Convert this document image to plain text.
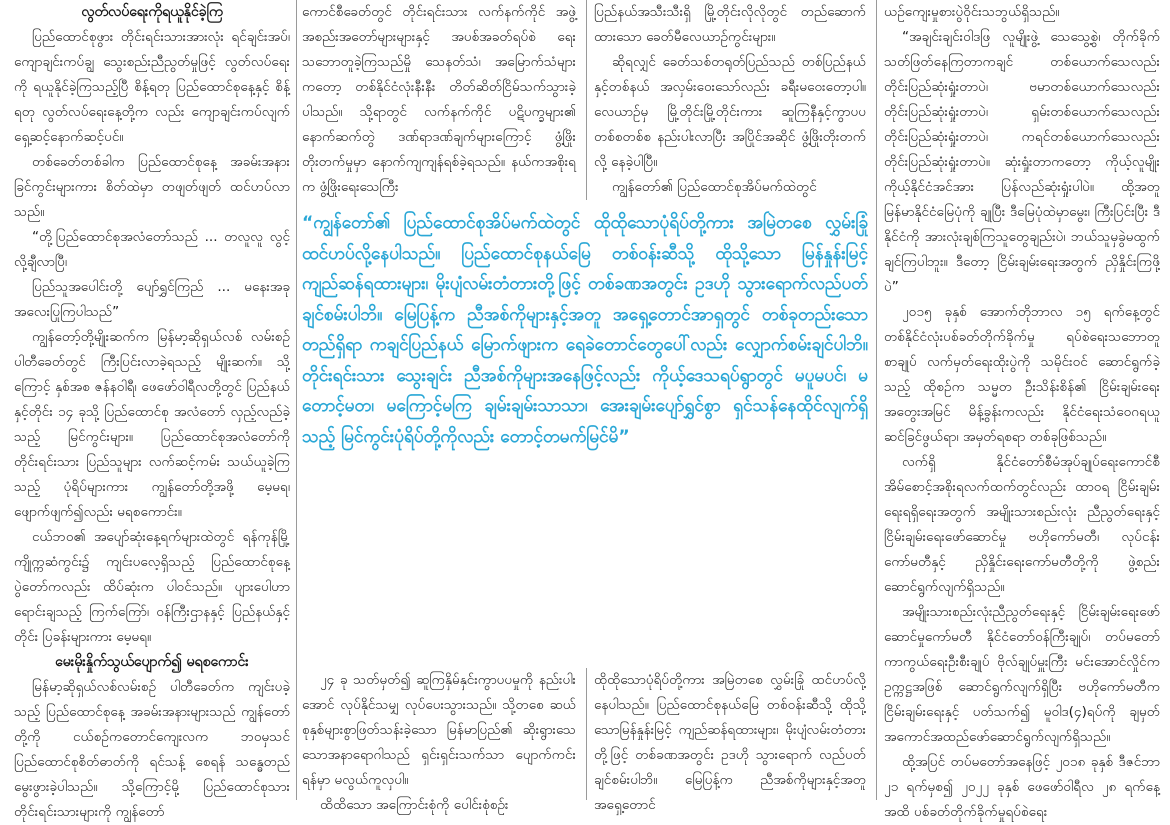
လွတ်လပ်ရေးကိုရယူနိုင်ခဲ့ကြ

ပြည်ထောင်စုဖွား တိုင်းရင်းသားအားလုံး ရင်ချင်းအပ်၊ ကျောချင်းကပ်ချွ သွေးစည်းညီညွတ်မှုဖြင့် လွတ်လပ်ရေးကို ရယူနိုင်ခဲ့ကြသည့်ပြီ စိန့်ရတု ပြည်ထောင်စုနေ့နှင့် စိန့်ရတု လွတ်လပ်ရေးနေ့တို့က လည်း ကျောချင်းကပ်လျက် ရှေ့ဆင့်နောက်ဆင့်ပင်။

တစ်ခေတ်တစ်ခါက ပြည်ထောင်စုနေ့ အခမ်းအနား ခြင်ကွင်းများကား စိတ်ထဲမှာ တဖျတ်ဖျတ် ထင်ဟပ်လာသည်။

“တို့ပြည်ထောင်စုအလံတော်သည် ... တလူလူ လွင့်လို့ချီလာပြီ၊

ပြည်သူအပေါင်းတို့ ပျော်ရွှင်ကြည် ... မနေးအခု အလေးပြုကြပါသည်”

ကျွန်တော့်တို့မျိုးဆက်က မြန်မာ့ဆိုရှယ်လစ် လမ်းစဉ်ပါတီခေတ်တွင် ကြီးပြင်းလာခဲ့ရသည့် မျိုးဆက်။ သို့ကြောင့် နှစ်အစ ဇန်နဝါရီ၊ ဖေဖော်ဝါရီလတို့တွင် ပြည်နယ်နှင့်တိုင်း ၁၄ ခုသို့ ပြည်ထောင်စု အလံတော် လှည့်လည်ခဲ့သည့် မြင်ကွင်းများ။ ပြည်ထောင်စုအလံတော်ကို တိုင်းရင်းသား ပြည်သူများ လက်ဆင့်ကမ်း သယ်ယူခဲ့ကြသည့် ပုံရိပ်များကား ကျွန်တော်တို့အဖို့ မေ့မရ၊ ဖျောက်ဖျက်၍လည်း မရစကောင်း။

ငယ်ဘဝ၏ အပျော်ဆုံးနေ့ရက်များထဲတွင် ရန်ကုန်မြို့ ကျိုက္ကဆံကွင်း၌ ကျင်းပလေ့ရှိသည့် ပြည်ထောင်စုနေ့ပွဲတော်ကလည်း ထိပ်ဆုံးက ပါဝင်သည်။ ပျားပေါဟာ ရောင်းချသည့် ကြက်ကြော်၊ ဝန်ကြီးဌာနနှင့် ပြည်နယ်နှင့်တိုင်း ပြခန်းများကား မေ့မရ။

မေးမိုးနှိုက်သွယ်ပျောက်၍ မရစကောင်း

မြန်မာ့ဆိုရှယ်လစ်လမ်းစဉ် ပါတီခေတ်က ကျင်းပခဲ့သည့် ပြည်ထောင်စုနေ့ အခမ်းအနားများသည် ကျွန်တော်တို့ကို ငယ်စဉ်ကတောင်ကျေးလက ဘဝမှသင် ပြည်ထောင်စုစိတ်ဓာတ်ကို ရင်သန့် စေရန် သန္ဓေတည်မွေးဖွားခဲ့ပါသည်။ သို့ကြောင့်မို့ ပြည်ထောင်စုသား တိုင်းရင်းသားများကို ကျွန်တော်

ကောင်စီခေတ်တွင် တိုင်းရင်းသား လက်နက်ကိုင် အဖွဲ့ အစည်းအတော်များများနှင့် အပစ်အခတ်ရပ်စဲ ရေးသဘောတူခဲ့ကြသည်မှို သေနတ်သံ၊ အမြောက်သံများကတော့ တစ်နိုင်ငံလုံးနီးနီး တိတ်ဆိတ်ငြိမ်သက်သွားခဲ့ပါသည်။ သို့ရာတွင် လက်နက်ကိုင် ပဋိပက္ခများ၏ နောက်ဆက်တွဲ ဒဏ်ရာဒဏ်ချက်များကြောင့် ဖွံ့ဖြိုးတိုးတက်မှုမှာ နောက်ကျကျန်ရစ်ခဲ့ရသည်။ နယ်ကအစိုးရက ဖွံ့ဖြိုးရေးသေကြီး

ပြည်နယ်အသီးသီးရှိ မြို့တိုင်းလိုလိုတွင် တည်ဆောက်ထားသော ခေတ်မီလေယာဉ်ကွင်းများ။

ဆိုရလျှင် ခေတ်သစ်တရုတ်ပြည်သည် တစ်ပြည်နယ်နှင့်တစ်နယ် အလှမ်းဝေးသော်လည်း ခရီးမဝေးတော့ပါ။ လေယာဉ်မှ မြို့တိုင်းမြို့တိုင်းကား ဆူကြနီနှင့်ကွာပပ တစ်စတစ်စ နည်းပါးလာပြီး အပြိုင်အဆိုင် ဖွံ့ဖြိုးတိုးတက်လို့ နေခဲ့ပါပြီ။

ကျွန်တော်၏ ပြည်ထောင်စုအိပ်မက်ထဲတွင်

“ကျွန်တော်၏ ပြည်ထောင်စုအိပ်မက်ထဲတွင် ထိုထိုသောပုံရိပ်တို့ကား အမြဲတစေ လွှမ်းခြုံထင်ဟပ်လို့နေပါသည်။ ပြည်ထောင်စုနယ်မြေ တစ်ဝန်းဆီသို့ ထိုသို့သော မြန်နှုန်းမြင့် ကျည်ဆန်ရထားများ၊ မိုးပျံလမ်းတံတားတို့ဖြင့် တစ်ခဏအတွင်း ဥဒဟို သွားရောက်လည်ပတ်ချင်စမ်းပါဘိ။ မြေပြန့်က ညီအစ်ကိုများနှင့်အတူ အရှေ့တောင်အာရှတွင် တစ်ခုတည်းသော တည်ရှိရာ ကချင်ပြည်နယ် မြောက်ဖျားက ရေခဲတောင်တွေပေါ်လည်း လျှောက်စမ်းချင်ပါဘိ။ တိုင်းရင်းသား သွေးချင်း ညီအစ်ကိုများအနေဖြင့်လည်း ကိုယ့်ဒေသရပ်ရွာတွင် မပူမပင်၊ မတောင့်မတ၊ မကြောင့်မကြ ချမ်းချမ်းသာသာ၊ အေးချမ်းပျော်ရွှင်စွာ ရှင်သန်နေထိုင်လျက်ရှိသည့် မြင်ကွင်းပုံရိပ်တို့ကိုလည်း တောင့်တမက်မြင်မိ”

၂၄ ခု သတ်မှတ်၍ ဆူကြနှိမ်နှင်းကွာပပမှုကို နည်းပါးအောင် လုပ်နိုင်သမျှ လုပ်ပေးသွားသည်။ သို့တစေ ဆယ်စုနှစ်များစွာဖြတ်သန်းခဲ့သော မြန်မာပြည်၏ ဆိုးရွားသေသောအနာရောဂါသည် ရှင်းရှင်းသက်သာ ပျောက်ကင်းရန်မှာ မလွယ်ကူလှပါ။

ထိထိသော အကြောင်းစုံကို ပေါင်းစုံစဉ်း

ထိုထိုသောပုံရိပ်တို့ကား အမြဲတစေ လွှမ်းခြုံ ထင်ဟပ်လို့နေပါသည်။ ပြည်ထောင်စုနယ်မြေ တစ်ဝန်းဆီသို့ ထိုသို့သောမြန်နှုန်းမြင့် ကျည်ဆန်ရထားများ၊ မိုးပျံလမ်းတံတားတို့ဖြင့် တစ်ခဏအတွင်း ဥဒဟို သွားရောက် လည်ပတ်ချင်စမ်းပါဘိ။ မြေပြန့်က ညီအစ်ကိုများနှင့်အတူ အရှေ့တောင်

ယဉ်ကျေးမှုစားပွဲဝိုင်းသဘွယ်ရှိသည်။

“အချင်းချင်းဝါဒဖြ လူမျိုးဖွဲ့ သေသွေ့စွဲ၊ တိုက်ခိုက်သတ်ဖြတ်နေကြတာကချင် တစ်ယောက်သေလည်း တိုင်းပြည်ဆုံးရှုံးတာပဲ၊ ဗမာတစ်ယောက်သေလည်း တိုင်းပြည်ဆုံးရှုံးတာပဲ၊ ရှမ်းတစ်ယောက်သေလည်း တိုင်းပြည်ဆုံးရှုံးတာပဲ၊ ကရင်တစ်ယောက်သေလည်း တိုင်းပြည်ဆုံးရှုံးတာပဲ။ ဆုံးရှုံးတာကတော့ ကိုယ့်လူမျိုး ကိုယ့်နိုင်ငံအင်အား ပြန်လည်ဆုံးရှုံးပါပဲ။ ထို့အတူ မြန်မာနိုင်ငံမြေပုံကို ချုပြီး ဒီမြေပုံထဲမှာမွေး၊ ကြီးပြင်းပြီး ဒီနိုင်ငံကို အားလုံးချစ်ကြသူတွေချည်းပဲ၊ ဘယ်သူမှခွဲမထွက်ချင်ကြပါဘူး။ ဒီတော့ ငြိမ်းချမ်းရေးအတွက် ညှိနှိုင်းကြဖို့ပဲ”

၂၀၁၅ ခုနှစ် အောက်တိုဘာလ ၁၅ ရက်နေ့တွင် တစ်နိုင်ငံလုံးပစ်ခတ်တိုက်ခိုက်မှု ရပ်စဲရေးသဘောတူစာချုပ် လက်မှတ်ရေးထိုးပွဲကို သမိုင်းဝင် ဆောင်ရွက်ခဲ့သည့် ထိုစဉ်က သမ္မတ ဦးသိန်းစိန်၏ ငြိမ်းချမ်းရေး အတွေးအမြင် မိန့်ခွန်းကလည်း နိုင်ငံရေးသံဝေဂရယူ ဆင်ခြင်ဖွယ်ရာ၊ အမှတ်ရစရာ တစ်ခုဖြစ်သည်။

လက်ရှိ နိုင်ငံတော်စီမံအုပ်ချုပ်ရေးကောင်စီ အိမ်စောင့်အစိုးရလက်ထက်တွင်လည်း ထာဝရ ငြိမ်းချမ်းရေးရရှိရေးအတွက် အမျိုးသားစည်းလုံး ညီညွတ်ရေးနှင့် ငြိမ်းချမ်းရေးဖော်ဆောင်မှု ဗဟိုကော်မတီ၊ လုပ်ငန်းကော်မတီနှင့် ညှိနှိုင်းရေးကော်မတီတို့ကို ဖွဲ့စည်းဆောင်ရွက်လျက်ရှိသည်။

အမျိုးသားစည်းလုံးညီညွတ်ရေးနှင့် ငြိမ်းချမ်းရေးဖော်ဆောင်မှုကော်မတီ နိုင်ငံတော်ဝန်ကြီးချုပ်၊ တပ်မတော်ကာကွယ်ရေးဦးစီးချုပ် ဗိုလ်ချုပ်မှူးကြီး မင်းအောင်လှိုင်က ဥက္ကဋ္ဌအဖြစ် ဆောင်ရွက်လျက်ရှိပြီး ဗဟိုကော်မတီက ငြိမ်းချမ်းရေးနှင့် ပတ်သက်၍ မူဝါဒ(၄)ရပ်ကို ချမှတ်အကောင်အထည်ဖော်ဆောင်ရွက်လျက်ရှိသည်။

ထို့အပြင် တပ်မတော်အနေဖြင့် ၂၀၁၈ ခုနှစ် ဒီဇင်ဘာ ၂၁ ရက်မှစ၍ ၂၀၂၂ ခုနှစ် ဖေဖော်ဝါရီလ ၂၈ ရက်နေ့အထိ ပစ်ခတ်တိုက်ခိုက်မှုရပ်စဲရေး
